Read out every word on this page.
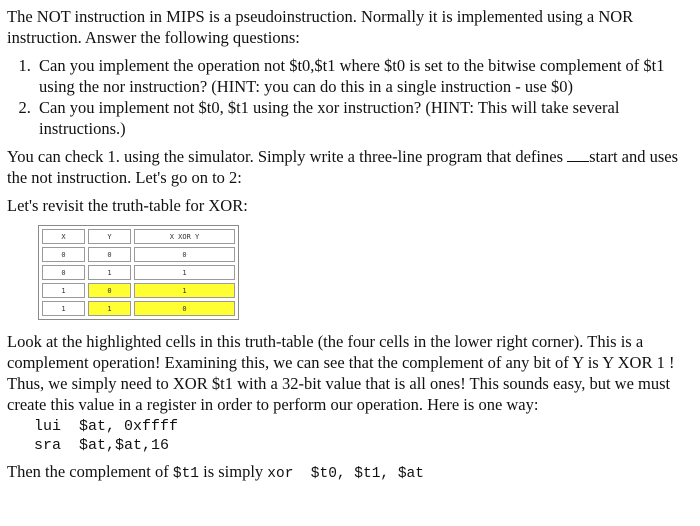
The NOT instruction in MIPS is a pseudoinstruction. Normally it is implemented using a NOR instruction. Answer the following questions:

1. Can you implement the operation not $t0,$t1 where $t0 is set to the bitwise complement of $t1 using the nor instruction? (HINT: you can do this in a single instruction - use $0)
2. Can you implement not $t0, $t1 using the xor instruction? (HINT: This will take several instructions.)

You can check 1. using the simulator. Simply write a three-line program that defines start and uses the not instruction. Let's go on to 2:

Let's revisit the truth-table for XOR:

X	Y	X XOR Y
0	0	0
0	1	1
1	0	1
1	1	0

Look at the highlighted cells in this truth-table (the four cells in the lower right corner). This is a complement operation! Examining this, we can see that the complement of any bit of Y is Y XOR 1 ! Thus, we simply need to XOR $t1 with a 32-bit value that is all ones! This sounds easy, but we must create this value in a register in order to perform our operation. Here is one way:

lui  $at, 0xffff
sra  $at,$at,16

Then the complement of $t1 is simply xor  $t0, $t1, $at
